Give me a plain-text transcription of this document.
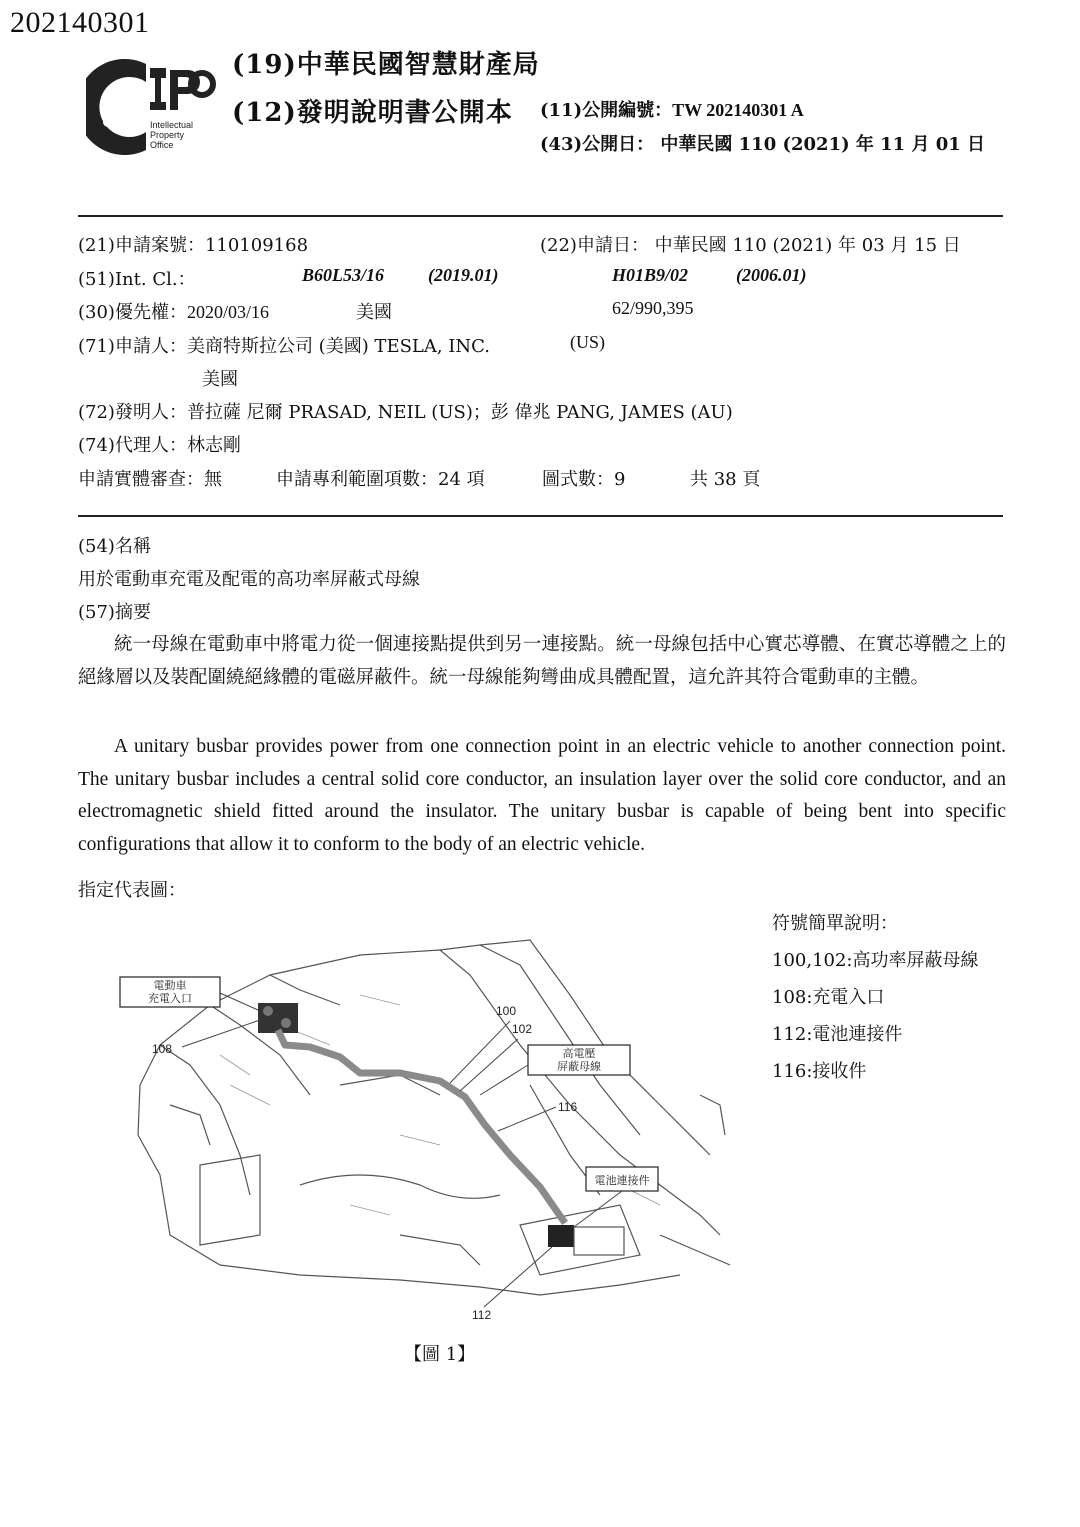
202140301
Intellectual
Property
Office
(19)中華民國智慧財產局
(12)發明說明書公開本 (11)公開編號：TW 202140301 A
(43)公開日： 中華民國 110 (2021) 年 11 月 01 日
(21)申請案號：110109168	(22)申請日： 中華民國 110 (2021) 年 03 月 15 日
(51)Int. Cl.：	B60L53/16 (2019.01)	H01B9/02	(2006.01)
(30)優先權：2020/03/16	美國	62/990,395
(71)申請人：美商特斯拉公司 (美國) TESLA, INC.	(US)
美國
(72)發明人：普拉薩 尼爾 PRASAD, NEIL (US)；彭 偉兆 PANG, JAMES (AU)
(74)代理人：林志剛
申請實體審查：無	申請專利範圍項數：24 項	圖式數：9	共 38 頁
(54)名稱
用於電動車充電及配電的高功率屏蔽式母線
(57)摘要
統一母線在電動車中將電力從一個連接點提供到另一連接點。統一母線包括中心實芯導體、在實芯導體之上的絕緣層以及裝配圍繞絕緣體的電磁屏蔽件。統一母線能夠彎曲成具體配置，這允許其符合電動車的主體。
A unitary busbar provides power from one connection point in an electric vehicle to another connection point. The unitary busbar includes a central solid core conductor, an insulation layer over the solid core conductor, and an electromagnetic shield fitted around the insulator. The unitary busbar is capable of being bent into specific configurations that allow it to conform to the body of an electric vehicle.
指定代表圖：
電動車
充電入口
高電壓
屏蔽母線
電池連接件
108
100
102
116
112
【圖 1】
符號簡單說明：
100,102:高功率屏蔽母線
108:充電入口
112:電池連接件
116:接收件
